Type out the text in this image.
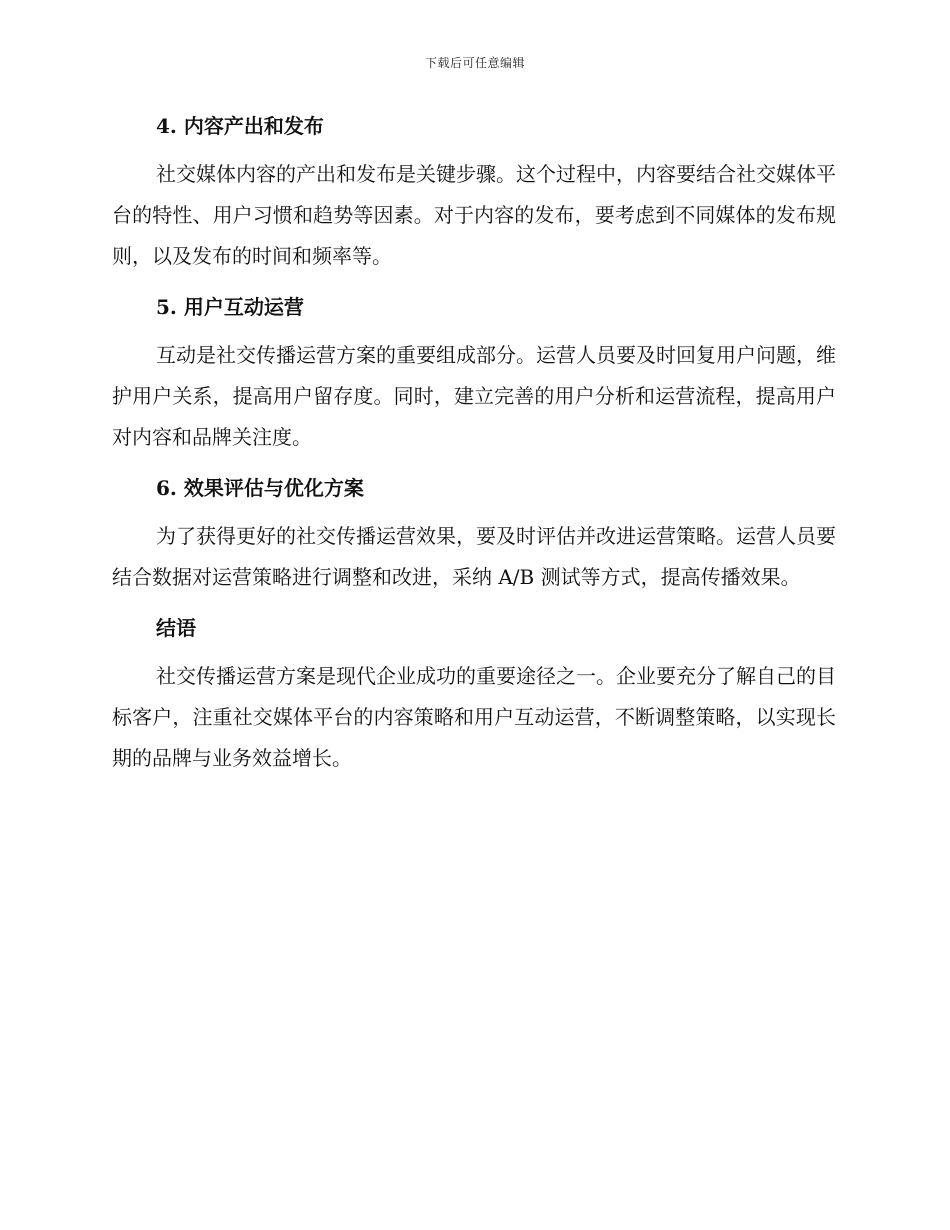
下载后可任意编辑
4. 内容产出和发布

社交媒体内容的产出和发布是关键步骤。这个过程中，内容要结合社交媒体平台的特性、用户习惯和趋势等因素。对于内容的发布，要考虑到不同媒体的发布规则，以及发布的时间和频率等。

5. 用户互动运营

互动是社交传播运营方案的重要组成部分。运营人员要及时回复用户问题，维护用户关系，提高用户留存度。同时，建立完善的用户分析和运营流程，提高用户对内容和品牌关注度。

6. 效果评估与优化方案

为了获得更好的社交传播运营效果，要及时评估并改进运营策略。运营人员要结合数据对运营策略进行调整和改进，采纳 A/B 测试等方式，提高传播效果。

结语

社交传播运营方案是现代企业成功的重要途径之一。企业要充分了解自己的目标客户，注重社交媒体平台的内容策略和用户互动运营，不断调整策略，以实现长期的品牌与业务效益增长。
